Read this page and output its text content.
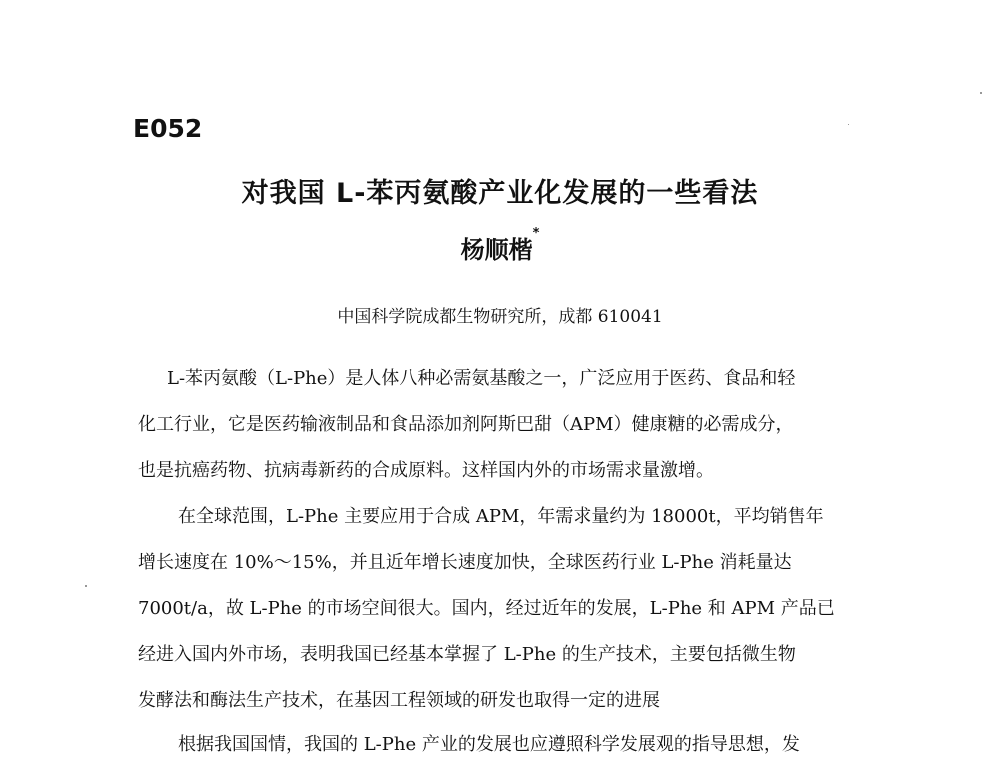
E052
对我国 L-苯丙氨酸产业化发展的一些看法
杨顺楷*
中国科学院成都生物研究所，成都 610041
L-苯丙氨酸（L-Phe）是人体八种必需氨基酸之一，广泛应用于医药、食品和轻
化工行业，它是医药输液制品和食品添加剂阿斯巴甜（APM）健康糖的必需成分，
也是抗癌药物、抗病毒新药的合成原料。这样国内外的市场需求量激增。
在全球范围，L-Phe 主要应用于合成 APM，年需求量约为 18000t，平均销售年
增长速度在 10%～15%，并且近年增长速度加快，全球医药行业 L-Phe 消耗量达
7000t/a，故 L-Phe 的市场空间很大。国内，经过近年的发展，L-Phe 和 APM 产品已
经进入国内外市场，表明我国已经基本掌握了 L-Phe 的生产技术，主要包括微生物
发酵法和酶法生产技术，在基因工程领域的研发也取得一定的进展
根据我国国情，我国的 L-Phe 产业的发展也应遵照科学发展观的指导思想，发
